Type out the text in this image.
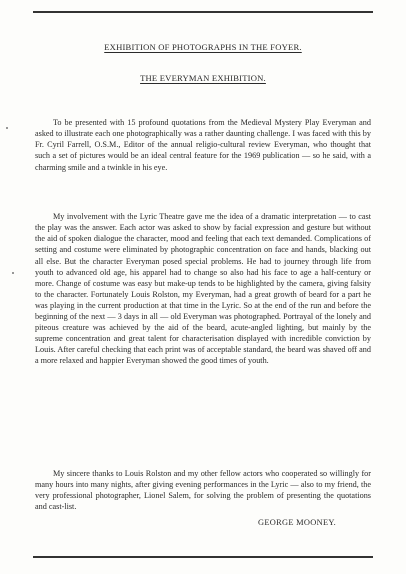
EXHIBITION OF PHOTOGRAPHS IN THE FOYER.
THE EVERYMAN EXHIBITION.

To be presented with 15 profound quotations from the Medieval Mystery Play Everyman and asked to illustrate each one photographically was a rather daunting challenge. I was faced with this by Fr. Cyril Farrell, O.S.M., Editor of the annual religio-cultural review Everyman, who thought that such a set of pictures would be an ideal central feature for the 1969 publication — so he said, with a charming smile and a twinkle in his eye.

My involvement with the Lyric Theatre gave me the idea of a dramatic interpretation — to cast the play was the answer. Each actor was asked to show by facial expression and gesture but without the aid of spoken dialogue the character, mood and feeling that each text demanded. Complications of setting and costume were eliminated by photographic concentration on face and hands, blacking out all else. But the character Everyman posed special problems. He had to journey through life from youth to advanced old age, his apparel had to change so also had his face to age a half-century or more. Change of costume was easy but make-up tends to be highlighted by the camera, giving falsity to the character. Fortunately Louis Rolston, my Everyman, had a great growth of beard for a part he was playing in the current production at that time in the Lyric. So at the end of the run and before the beginning of the next — 3 days in all — old Everyman was photographed. Portrayal of the lonely and piteous creature was achieved by the aid of the beard, acute-angled lighting, but mainly by the supreme concentration and great talent for characterisation displayed with incredible conviction by Louis. After careful checking that each print was of acceptable standard, the beard was shaved off and a more relaxed and happier Everyman showed the good times of youth.

My sincere thanks to Louis Rolston and my other fellow actors who cooperated so willingly for many hours into many nights, after giving evening performances in the Lyric — also to my friend, the very professional photographer, Lionel Salem, for solving the problem of presenting the quotations and cast-list.

GEORGE MOONEY.
